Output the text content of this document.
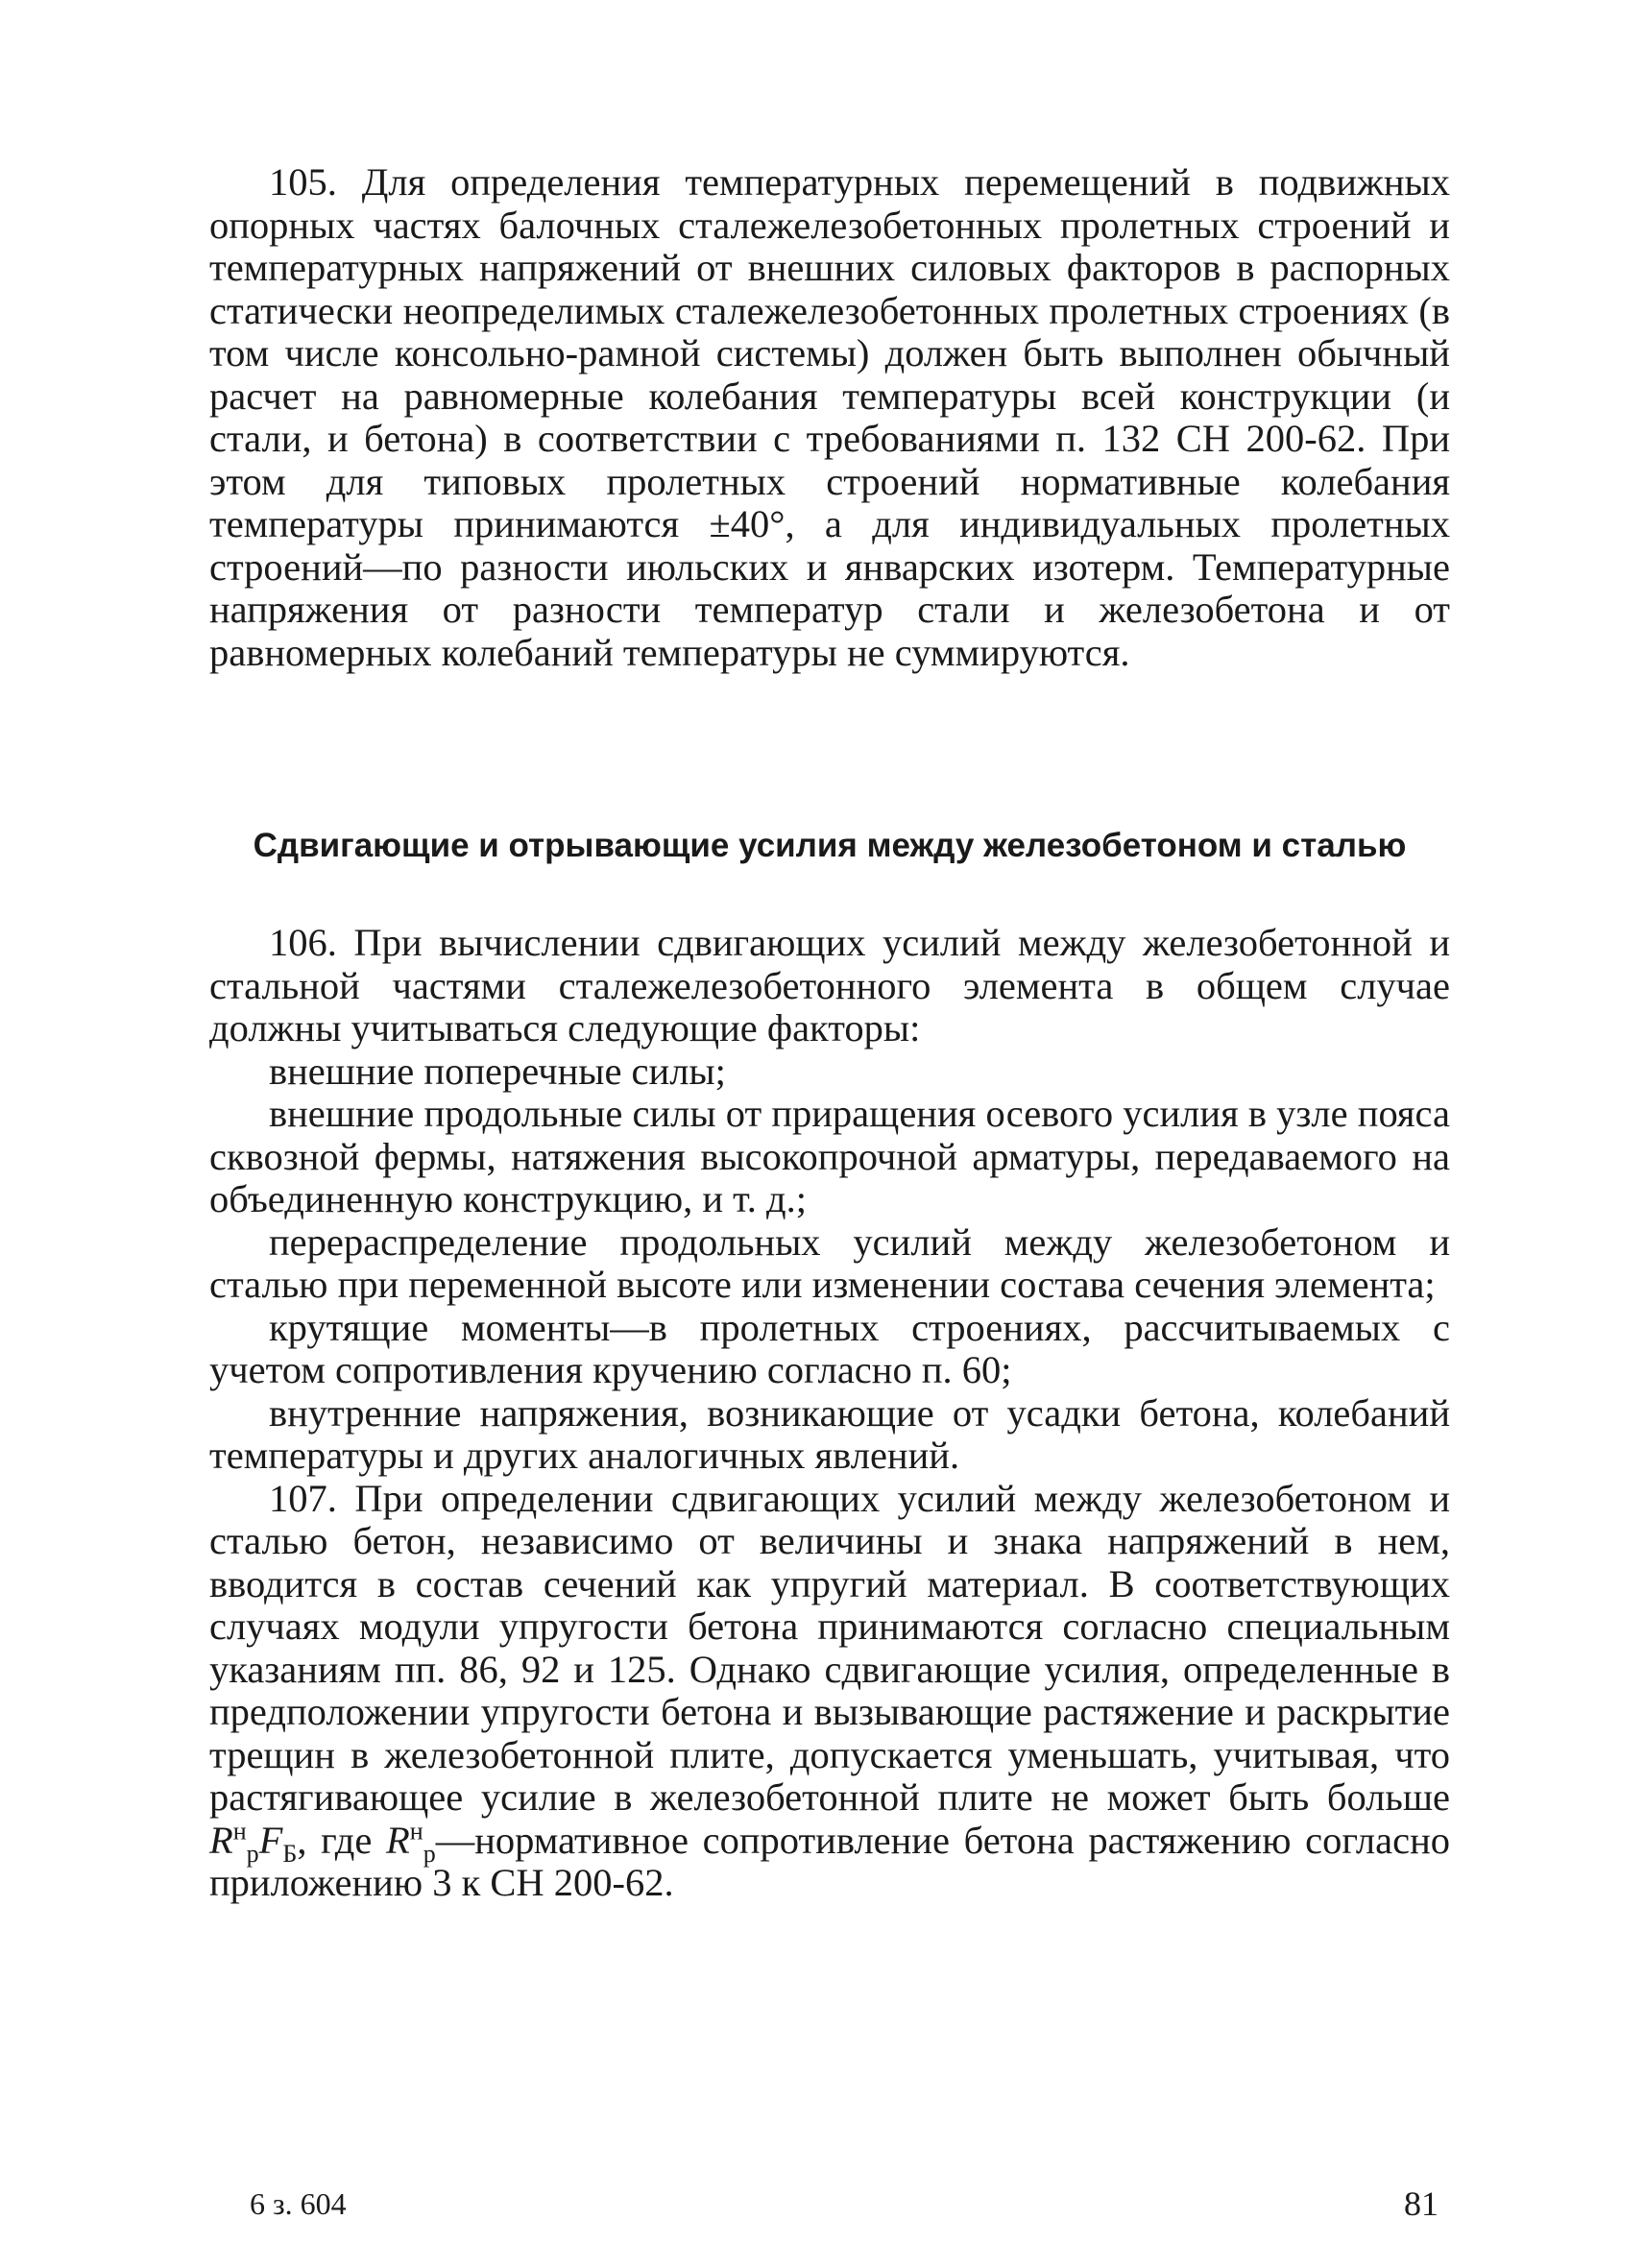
105. Для определения температурных перемещений в подвижных опорных частях балочных сталежелезобетонных пролетных строений и температурных напряжений от внешних силовых факторов в распорных статически неопределимых сталежелезобетонных пролетных строениях (в том числе консольно-рамной системы) должен быть выполнен обычный расчет на равномерные колебания температуры всей конструкции (и стали, и бетона) в соответствии с требованиями п. 132 СН 200-62. При этом для типовых пролетных строений нормативные колебания температуры принимаются ±40°, а для индивидуальных пролетных строений—по разности июльских и январских изотерм. Температурные напряжения от разности температур стали и железобетона и от равномерных колебаний температуры не суммируются.

Сдвигающие и отрывающие усилия между железобетоном и сталью

106. При вычислении сдвигающих усилий между железобетонной и стальной частями сталежелезобетонного элемента в общем случае должны учитываться следующие факторы:

внешние поперечные силы;

внешние продольные силы от приращения осевого усилия в узле пояса сквозной фермы, натяжения высокопрочной арматуры, передаваемого на объединенную конструкцию, и т. д.;

перераспределение продольных усилий между железобетоном и сталью при переменной высоте или изменении состава сечения элемента;

крутящие моменты—в пролетных строениях, рассчитываемых с учетом сопротивления кручению согласно п. 60;

внутренние напряжения, возникающие от усадки бетона, колебаний температуры и других аналогичных явлений.

107. При определении сдвигающих усилий между железобетоном и сталью бетон, независимо от величины и знака напряжений в нем, вводится в состав сечений как упругий материал. В соответствующих случаях модули упругости бетона принимаются согласно специальным указаниям пп. 86, 92 и 125. Однако сдвигающие усилия, определенные в предположении упругости бетона и вызывающие растяжение и раскрытие трещин в железобетонной плите, допускается уменьшать, учитывая, что растягивающее усилие в железобетонной плите не может быть больше $R^н_рF_Б$, где $R^н_р—нормативное$ сопротивление бетона растяжению согласно приложению 3 к СН 200-62.

6 з. 604	81
